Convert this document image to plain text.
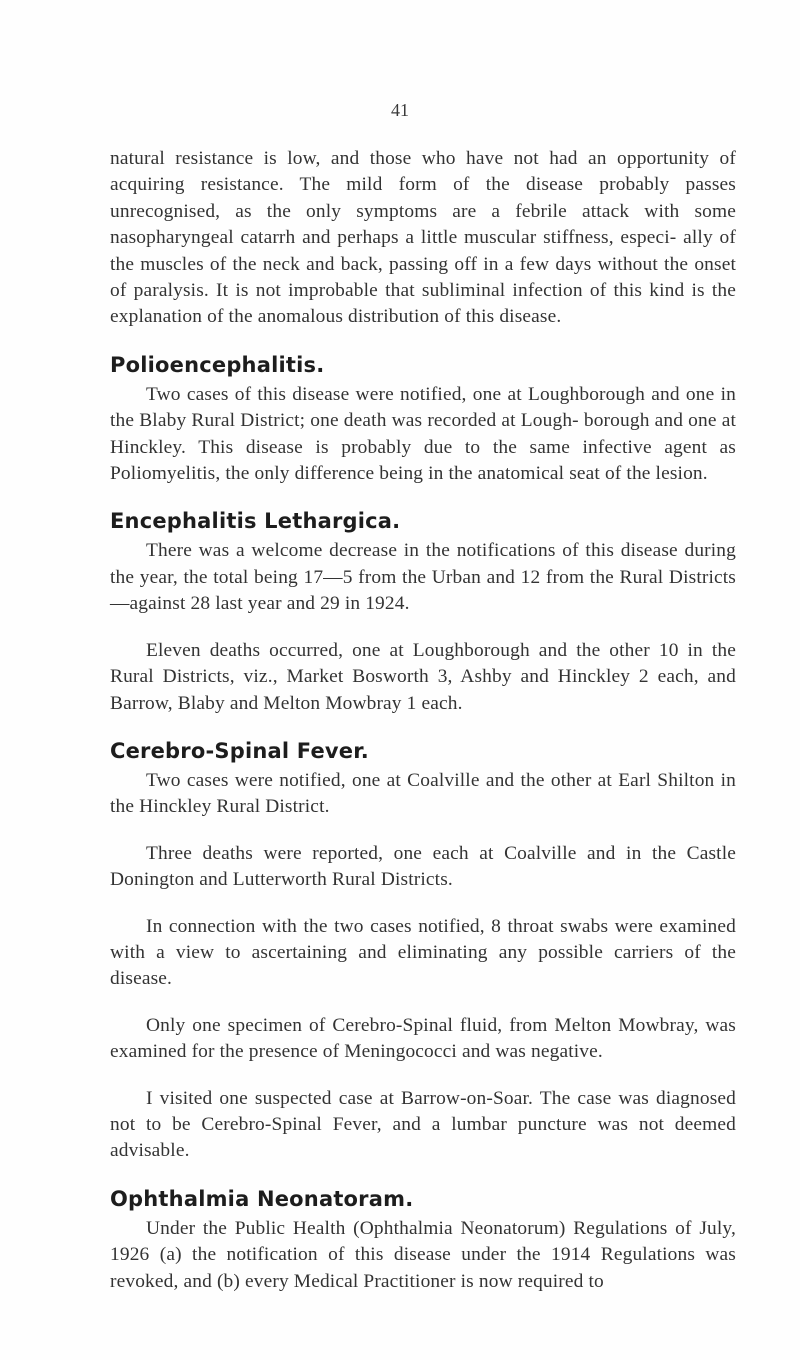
41

natural resistance is low, and those who have not had an opportunity of acquiring resistance. The mild form of the disease probably passes unrecognised, as the only symptoms are a febrile attack with some nasopharyngeal catarrh and perhaps a little muscular stiffness, especi- ally of the muscles of the neck and back, passing off in a few days without the onset of paralysis. It is not improbable that subliminal infection of this kind is the explanation of the anomalous distribution of this disease.

Polioencephalitis.

Two cases of this disease were notified, one at Loughborough and one in the Blaby Rural District; one death was recorded at Lough- borough and one at Hinckley. This disease is probably due to the same infective agent as Poliomyelitis, the only difference being in the anatomical seat of the lesion.

Encephalitis Lethargica.

There was a welcome decrease in the notifications of this disease during the year, the total being 17—5 from the Urban and 12 from the Rural Districts—against 28 last year and 29 in 1924.

Eleven deaths occurred, one at Loughborough and the other 10 in the Rural Districts, viz., Market Bosworth 3, Ashby and Hinckley 2 each, and Barrow, Blaby and Melton Mowbray 1 each.

Cerebro-Spinal Fever.

Two cases were notified, one at Coalville and the other at Earl Shilton in the Hinckley Rural District.

Three deaths were reported, one each at Coalville and in the Castle Donington and Lutterworth Rural Districts.

In connection with the two cases notified, 8 throat swabs were examined with a view to ascertaining and eliminating any possible carriers of the disease.

Only one specimen of Cerebro-Spinal fluid, from Melton Mowbray, was examined for the presence of Meningococci and was negative.

I visited one suspected case at Barrow-on-Soar. The case was diagnosed not to be Cerebro-Spinal Fever, and a lumbar puncture was not deemed advisable.

Ophthalmia Neonatoram.

Under the Public Health (Ophthalmia Neonatorum) Regulations of July, 1926 (a) the notification of this disease under the 1914 Regulations was revoked, and (b) every Medical Practitioner is now required to
